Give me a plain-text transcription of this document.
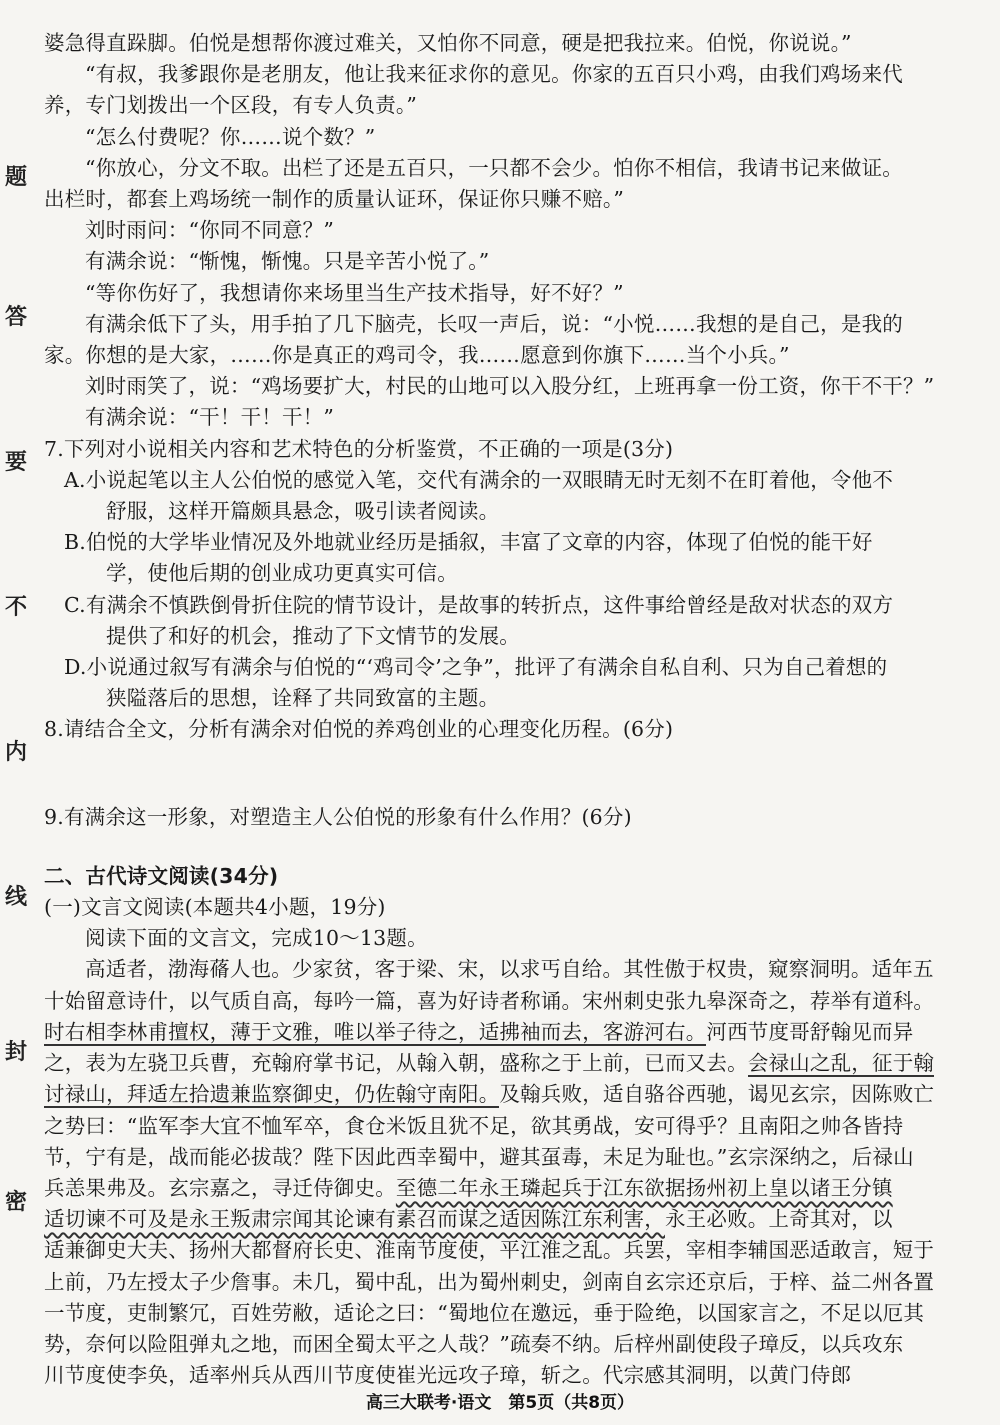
题
答
要
不
内
线
封
密

婆急得直跺脚。伯悦是想帮你渡过难关，又怕你不同意，硬是把我拉来。伯悦，你说说。”

“有叔，我爹跟你是老朋友，他让我来征求你的意见。你家的五百只小鸡，由我们鸡场来代

养，专门划拨出一个区段，有专人负责。”

“怎么付费呢？你……说个数？”

“你放心，分文不取。出栏了还是五百只，一只都不会少。怕你不相信，我请书记来做证。

出栏时，都套上鸡场统一制作的质量认证环，保证你只赚不赔。”

刘时雨问：“你同不同意？”

有满余说：“惭愧，惭愧。只是辛苦小悦了。”

“等你伤好了，我想请你来场里当生产技术指导，好不好？”

有满余低下了头，用手拍了几下脑壳，长叹一声后，说：“小悦……我想的是自己，是我的

家。你想的是大家，……你是真正的鸡司令，我……愿意到你旗下……当个小兵。”

刘时雨笑了，说：“鸡场要扩大，村民的山地可以入股分红，上班再拿一份工资，你干不干？”

有满余说：“干！干！干！”

7.下列对小说相关内容和艺术特色的分析鉴赏，不正确的一项是(3分)

A.小说起笔以主人公伯悦的感觉入笔，交代有满余的一双眼睛无时无刻不在盯着他，令他不

舒服，这样开篇颇具悬念，吸引读者阅读。

B.伯悦的大学毕业情况及外地就业经历是插叙，丰富了文章的内容，体现了伯悦的能干好

学，使他后期的创业成功更真实可信。

C.有满余不慎跌倒骨折住院的情节设计，是故事的转折点，这件事给曾经是敌对状态的双方

提供了和好的机会，推动了下文情节的发展。

D.小说通过叙写有满余与伯悦的“‘鸡司令’之争”，批评了有满余自私自利、只为自己着想的

狭隘落后的思想，诠释了共同致富的主题。

8.请结合全文，分析有满余对伯悦的养鸡创业的心理变化历程。(6分)

9.有满余这一形象，对塑造主人公伯悦的形象有什么作用？(6分)

二、古代诗文阅读(34分)

(一)文言文阅读(本题共4小题，19分)

阅读下面的文言文，完成10～13题。

高适者，渤海蓨人也。少家贫，客于梁、宋，以求丐自给。其性傲于权贵，窥察洞明。适年五

十始留意诗什，以气质自高，每吟一篇，喜为好诗者称诵。宋州刺史张九皋深奇之，荐举有道科。

时右相李林甫擅权，薄于文雅，唯以举子待之，适拂袖而去，客游河右。河西节度哥舒翰见而异

之，表为左骁卫兵曹，充翰府掌书记，从翰入朝，盛称之于上前，已而又去。会禄山之乱，征于翰

讨禄山，拜适左拾遗兼监察御史，仍佐翰守南阳。及翰兵败，适自骆谷西驰，谒见玄宗，因陈败亡

之势曰：“监军李大宜不恤军卒，食仓米饭且犹不足，欲其勇战，安可得乎？且南阳之帅各皆持

节，宁有是，战而能必拔哉？陛下因此西幸蜀中，避其虿毒，未足为耻也。”玄宗深纳之，后禄山

兵恙果弗及。玄宗嘉之，寻迁侍御史。至德二年永王璘起兵于江东欲据扬州初上皇以诸王分镇

适切谏不可及是永王叛肃宗闻其论谏有素召而谋之适因陈江东利害，永王必败。上奇其对，以

适兼御史大夫、扬州大都督府长史、淮南节度使，平江淮之乱。兵罢，宰相李辅国恶适敢言，短于

上前，乃左授太子少詹事。未几，蜀中乱，出为蜀州刺史，剑南自玄宗还京后，于梓、益二州各置

一节度，吏制繁冗，百姓劳敝，适论之曰：“蜀地位在邀远，垂于险绝，以国家言之，不足以厄其

势，奈何以险阻弹丸之地，而困全蜀太平之人哉？”疏奏不纳。后梓州副使段子璋反，以兵攻东

川节度使李奂，适率州兵从西川节度使崔光远攻子璋，斩之。代宗感其洞明，以黄门侍郎

高三大联考·语文　第5页（共8页）
